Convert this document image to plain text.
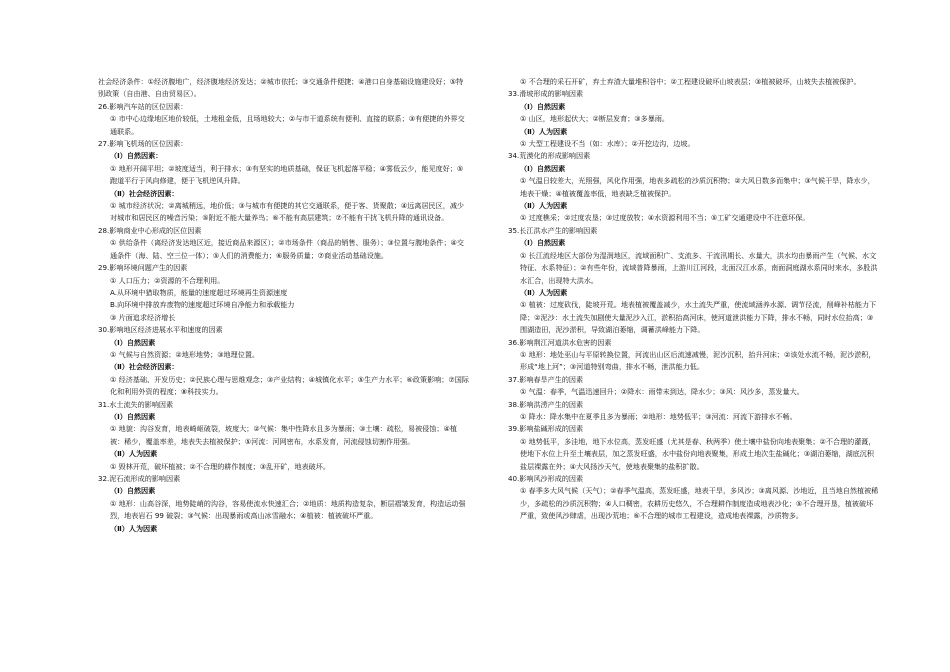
社会经济条件：①经济腹地广，经济腹地经济发达；②城市依托；③交通条件便捷；④港口自身基础设施建设好；⑤特别政策（自由港、自由贸易区）。

26.影响汽车站的区位因素：

① 市中心边缘地区地价较低，土地租金低，且场地较大；②与市干道系统有便利、直接的联系；③有便捷的外界交通联系。

27.影响飞机场的区位因素：

（Ⅰ）自然因素：

① 地形开阔平坦；②坡度适当，利于排水；③有坚实的地质基础，保证飞机起落平稳；④雾低云少，能见度好；⑤跑道平行于风向修建，便于飞机逆风升降。

（Ⅱ）社会经济因素：

① 城市经济状况；②离城稍远，地价低；③与城市有便捷的其它交通联系，便于客、货聚散；④远离居民区，减少对城市和居民区的噪音污染；⑤附近不能大量养鸟；⑥不能有高层建筑；⑦不能有干扰飞机升降的通讯设备。

28.影响商业中心形成的区位因素

① 供给条件（离经济发达地区近，接近商品来源区）；②市场条件（商品的销售、服务）；③位置与腹地条件；④交通条件（海、陆、空三位一体）；⑤人们的消费能力；⑥服务质量；⑦商业活动基础设施。

29.影响环境问题产生的因素

① 人口压力；②资源的不合理利用。

A.从环境中猎取物质，能量的速度超过环境再生资源速度

B.向环境中排放弃废物的速度超过环境自净能力和承载能力

③ 片面追求经济增长

30.影响地区经济进展水平和速度的因素

（Ⅰ）自然因素

① 气候与自然资源；②地形地势；③地理位置。

（Ⅱ）社会经济因素：

① 经济基础、开发历史；②民族心理与思维观念；③产业结构；④城镇化水平；⑤生产力水平；⑥政策影响；⑦国际化和利用外资的程度；⑧科技实力。

31.水土流失的影响因素

（Ⅰ）自然因素

① 地貌：沟谷发育，地表崎岖破裂，坡度大；②气候：集中性降水且多为暴雨；③土壤：疏松，易被侵蚀；④植被：稀少，覆盖率差，地表失去植被保护；⑤河流：河网密布，水系发育，河流侵蚀切割作用强。

（Ⅱ）人为因素

① 毁林开荒，破坏植被；②不合理的耕作制度；③乱开矿，地表破坏。

32.泥石流形成的影响因素

（Ⅰ）自然因素

① 地形：山高谷深，地势陡峭的沟谷，容易使流水快速汇合；②地质：地质构造复杂，断层褶皱发育，构造运动强烈，地表岩石 99 破裂；③气候：出现暴雨或高山冰雪融水；④植被：植被破坏严重。

（Ⅱ）人为因素

① 不合理的采石开矿，弃土弃渣大量堆积谷中；②工程建设破坏山坡表层；③植被破坏，山坡失去植被保护。

33.滑坡形成的影响因素

（Ⅰ）自然因素

① 山区，地形起伏大；②断层发育；③多暴雨。

（Ⅱ）人为因素

① 大型工程建设不当（如：水库）；②开挖边沟，边坡。

34.荒漠化的形成影响因素

（Ⅰ）自然因素

① 气温日较差大，光照强，风化作用强，地表多疏松的沙质沉积物；②大风日数多而集中；③气候干旱，降水少，地表干燥；④植被覆盖率低，地表缺乏植被保护。

（Ⅱ）人为因素

① 过度樵采；②过度农垦；③过度放牧；④水资源利用不当；⑤工矿交通建设中不注意环保。

35.长江洪水产生的影响因素

（Ⅰ）自然因素

① 长江流经地区大部份为湿润地区，流域面积广、支流多、干流汛期长、水量大，洪水均由暴雨产生（气候、水文特征、水系特征）；②有些年份，流域普降暴雨，上游川江河段，北面汉江水系，南面洞庭湖水系同时来水，多股洪水汇合，出现特大洪水。

（Ⅱ）人为因素

① 植被：过度砍伐，陡坡开荒。地表植被覆盖减少，水土流失严重，使流域涵养水源、调节径流，削峰补枯能力下降；②泥沙：水土流失加剧使大量泥沙入江，淤积抬高河床，使河道泄洪能力下降，排水不畅，同时水位抬高；③围湖造田，泥沙淤积，导致湖泊萎缩，调蓄洪峰能力下降。

36.影响荆江河道洪水危害的因素

① 地形：地处巫山与平原转换位置，河流出山区后流速减慢，泥沙沉积，抬升河床；②该处水流不畅，泥沙淤积，形成“地上河”；③河道特别弯曲，排水不畅，泄洪能力低。

37.影响春旱产生的因素

① 气温：春季，气温迅速回升；②降水：雨带未到达，降水少；③风：风沙多，蒸发量大。

38.影响洪涝产生的因素

① 降水：降水集中在夏季且多为暴雨；②地形：地势低平；③河流：河流下游排水不畅。

39.影响盐碱形成的因素

① 地势低平，多洼地，地下水位高，蒸发旺盛（尤其是春、秋两季）使土壤中盐份向地表聚集；②不合理的灌溉，使地下水位上升至土壤表层，加之蒸发旺盛，水中盐份向地表聚集，形成土地次生盐碱化；③湖泊萎缩，湖底沉积盐层裸露在外；④大风扬沙天气，使地表聚集的盐积扩散。

40.影响风沙形成的因素

① 春季多大风气候（天气）；②春季气温高，蒸发旺盛，地表干旱，多风沙；③离风源、沙地近，且当地自然植被稀少，多疏松的沙质沉积物；④人口稠密，农耕历史悠久，不合理耕作制度造成地表沙化；⑤不合理开垦，植被破坏严重，致使风沙肆虐，出现沙荒地；⑥不合理的城市工程建设，造成地表裸露，沙质物多。
